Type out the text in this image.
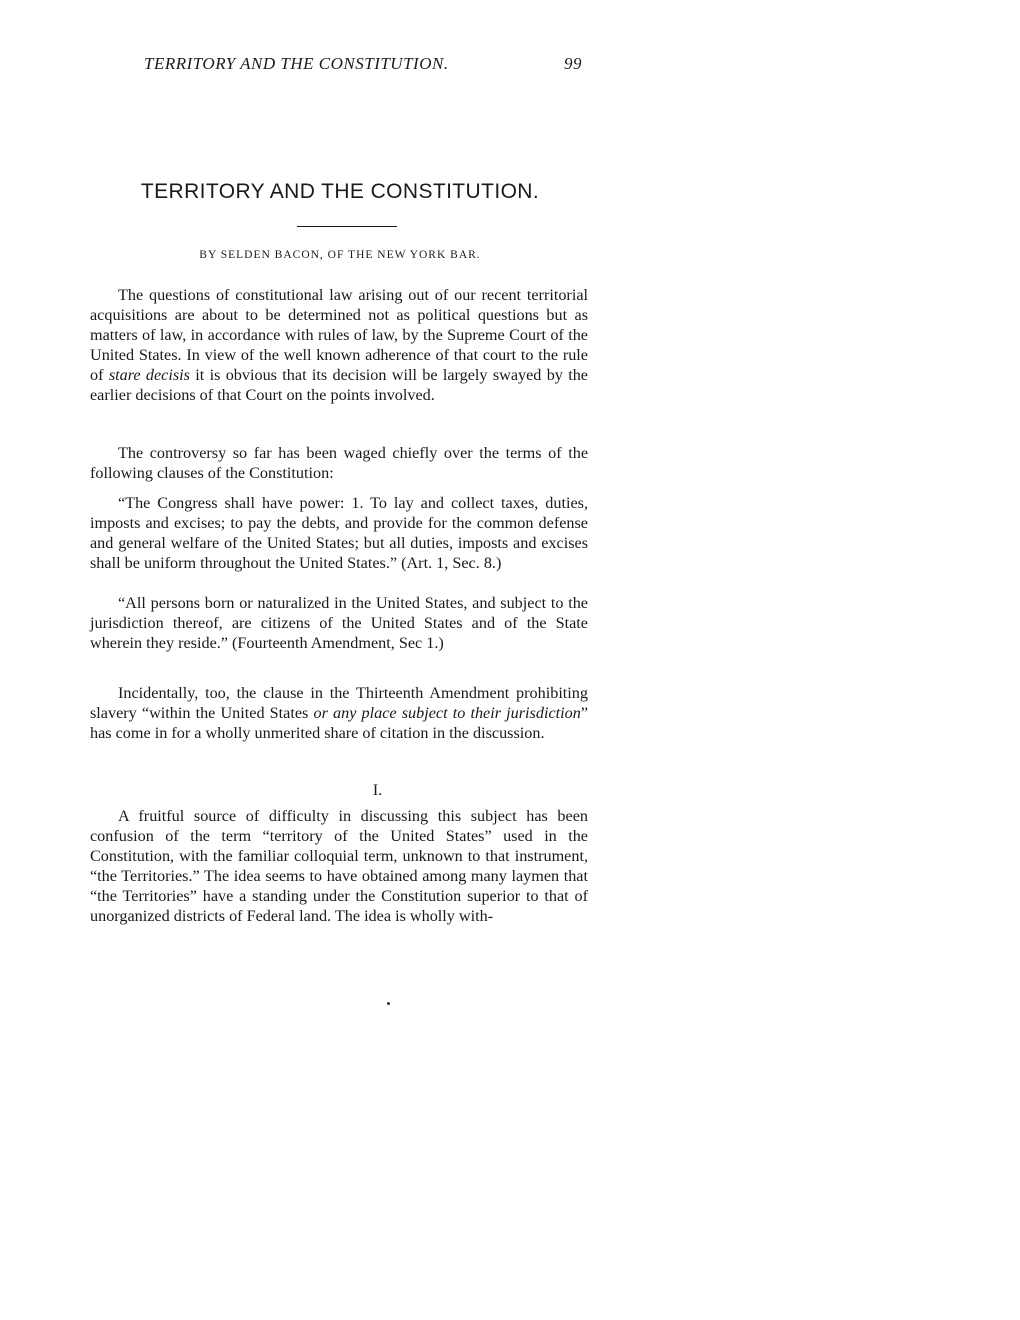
TERRITORY AND THE CONSTITUTION.	99
TERRITORY AND THE CONSTITUTION.
BY SELDEN BACON, OF THE NEW YORK BAR.

The questions of constitutional law arising out of our recent territorial acquisitions are about to be determined not as political questions but as matters of law, in accordance with rules of law, by the Supreme Court of the United States. In view of the well known adherence of that court to the rule of stare decisis it is obvious that its decision will be largely swayed by the earlier decisions of that Court on the points involved.

The controversy so far has been waged chiefly over the terms of the following clauses of the Constitution:

“The Congress shall have power: 1. To lay and collect taxes, duties, imposts and excises; to pay the debts, and provide for the common defense and general welfare of the United States; but all duties, imposts and excises shall be uniform throughout the United States.” (Art. 1, Sec. 8.)

“All persons born or naturalized in the United States, and subject to the jurisdiction thereof, are citizens of the United States and of the State wherein they reside.” (Fourteenth Amendment, Sec 1.)

Incidentally, too, the clause in the Thirteenth Amendment prohibiting slavery “within the United States or any place subject to their jurisdiction” has come in for a wholly unmerited share of citation in the discussion.

I.

A fruitful source of difficulty in discussing this subject has been confusion of the term “territory of the United States” used in the Constitution, with the familiar colloquial term, unknown to that instrument, “the Territories.” The idea seems to have obtained among many laymen that “the Territories” have a standing under the Constitution superior to that of unorganized districts of Federal land. The idea is wholly with-
